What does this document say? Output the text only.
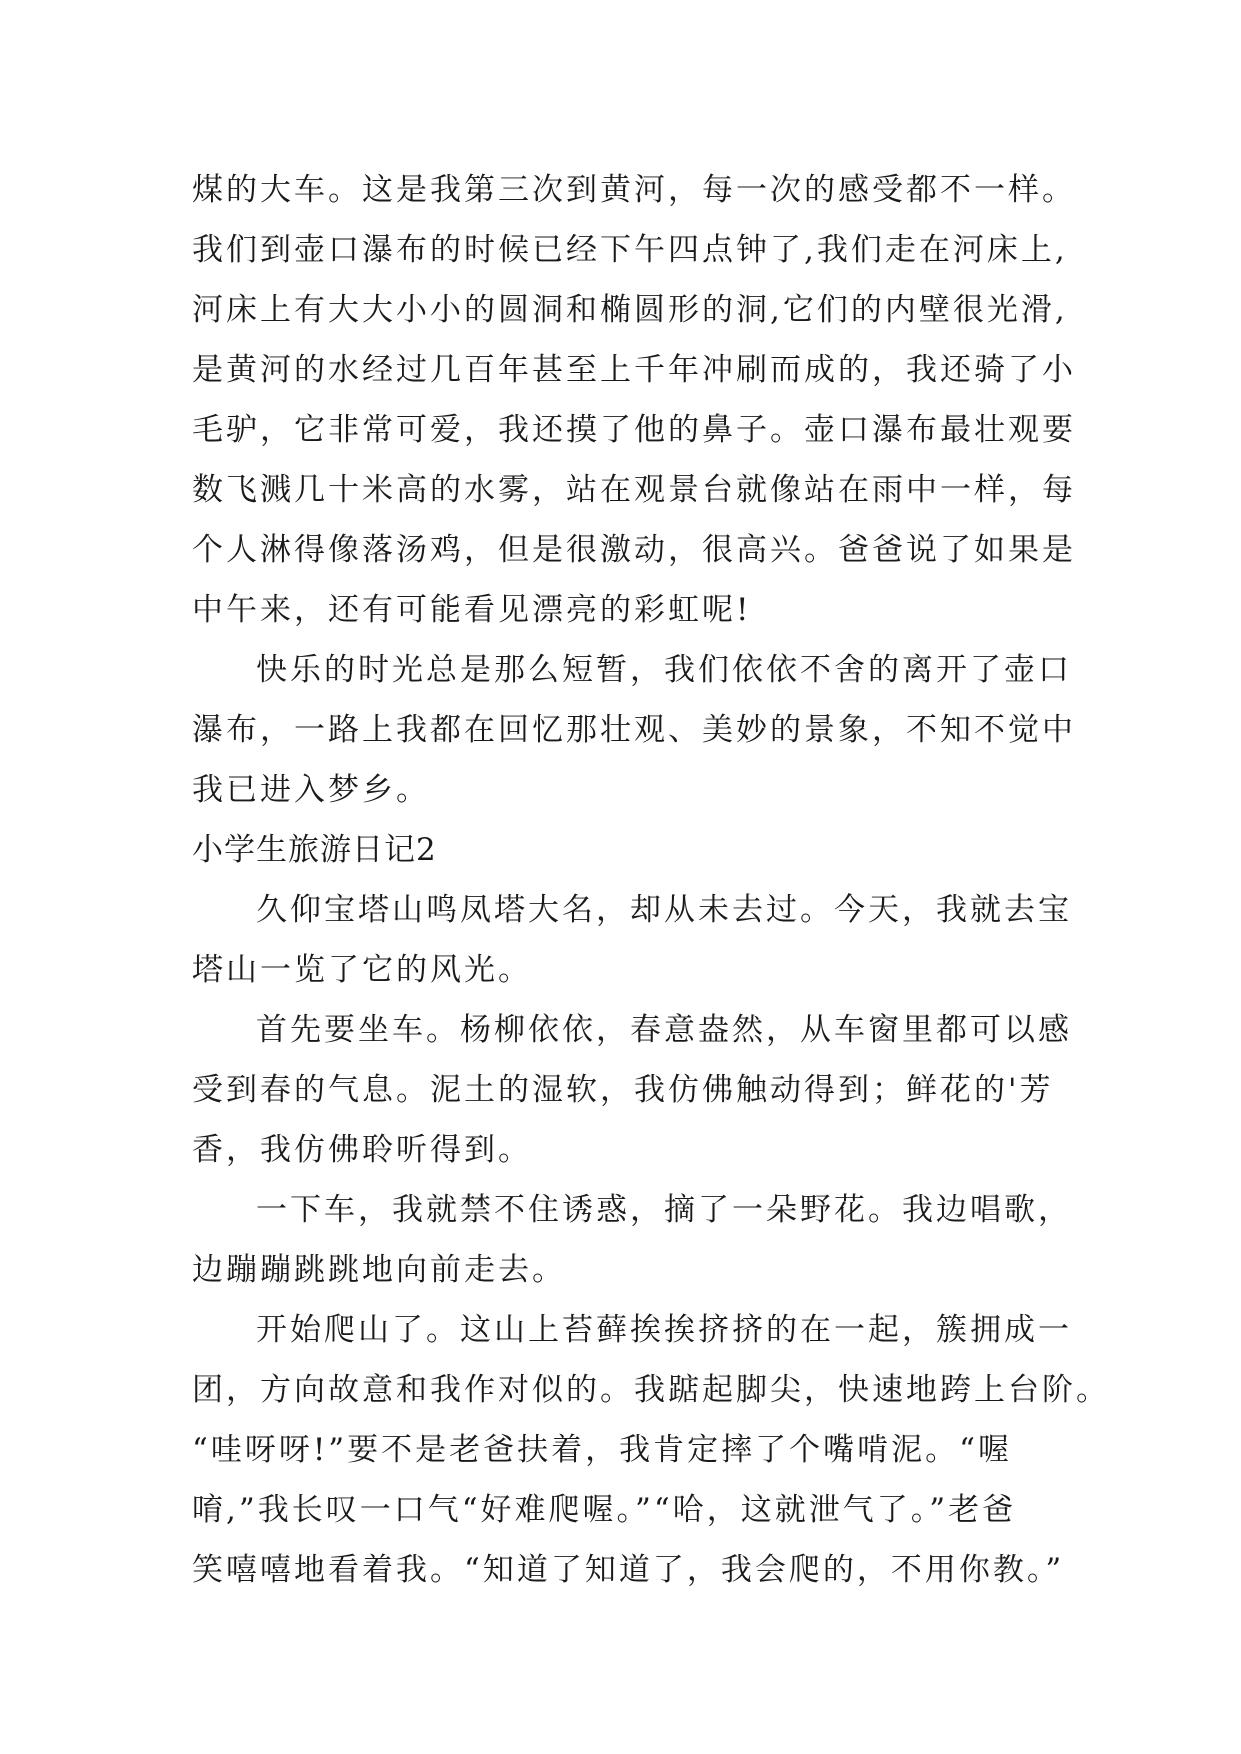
煤的大车。这是我第三次到黄河，每一次的感受都不一样。
我们到壶口瀑布的时候已经下午四点钟了,我们走在河床上,
河床上有大大小小的圆洞和椭圆形的洞,它们的内壁很光滑,
是黄河的水经过几百年甚至上千年冲刷而成的，我还骑了小
毛驴，它非常可爱，我还摸了他的鼻子。壶口瀑布最壮观要
数飞溅几十米高的水雾，站在观景台就像站在雨中一样，每
个人淋得像落汤鸡，但是很激动，很高兴。爸爸说了如果是
中午来，还有可能看见漂亮的彩虹呢!
快乐的时光总是那么短暂，我们依依不舍的离开了壶口
瀑布，一路上我都在回忆那壮观、美妙的景象，不知不觉中
我已进入梦乡。
小学生旅游日记2
久仰宝塔山鸣凤塔大名，却从未去过。今天，我就去宝
塔山一览了它的风光。
首先要坐车。杨柳依依，春意盎然，从车窗里都可以感
受到春的气息。泥土的湿软，我仿佛触动得到；鲜花的'芳
香，我仿佛聆听得到。
一下车，我就禁不住诱惑，摘了一朵野花。我边唱歌，
边蹦蹦跳跳地向前走去。
开始爬山了。这山上苔藓挨挨挤挤的在一起，簇拥成一
团，方向故意和我作对似的。我踮起脚尖，快速地跨上台阶。
“哇呀呀!”要不是老爸扶着，我肯定摔了个嘴啃泥。“喔
唷,”我长叹一口气“好难爬喔。”“哈，这就泄气了。”老爸
笑嘻嘻地看着我。“知道了知道了，我会爬的，不用你教。”
